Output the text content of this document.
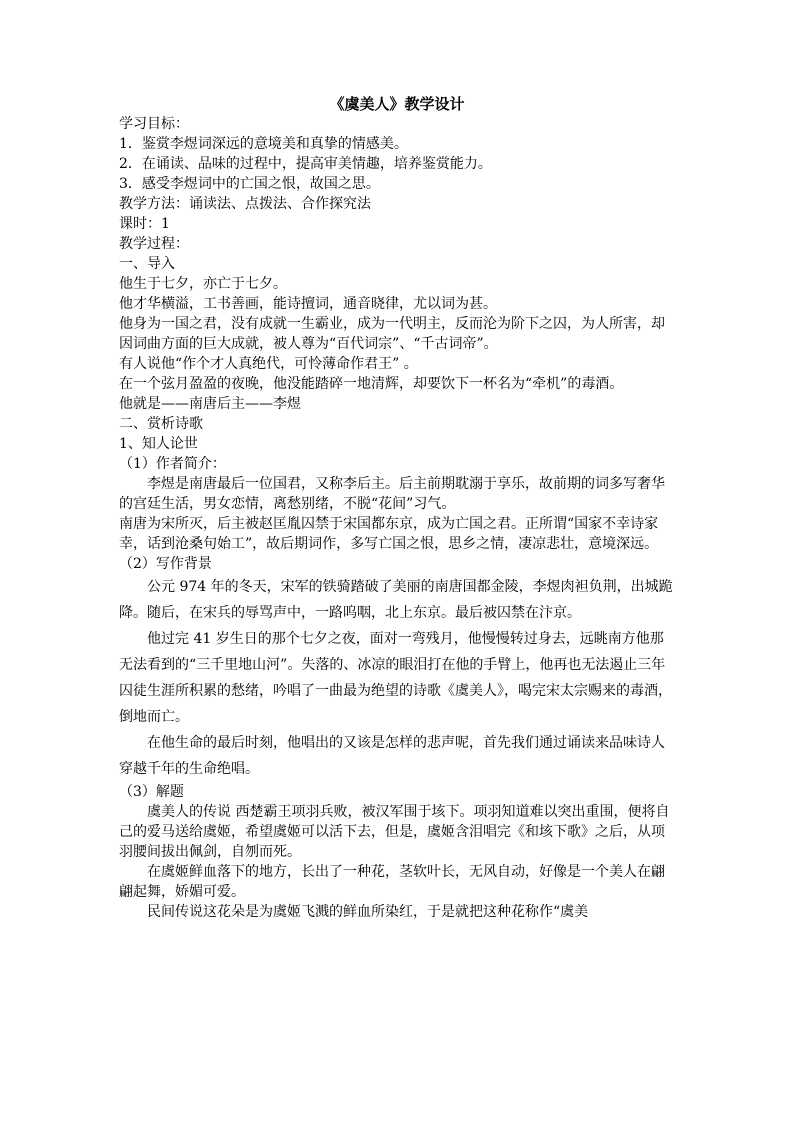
《虞美人》教学设计

学习目标：

1．鉴赏李煜词深远的意境美和真挚的情感美。

2．在诵读、品味的过程中，提高审美情趣，培养鉴赏能力。

3．感受李煜词中的亡国之恨，故国之思。

教学方法：诵读法、点拨法、合作探究法

课时：1

教学过程：

一、导入

他生于七夕，亦亡于七夕。

他才华横溢，工书善画，能诗擅词，通音晓律，尤以词为甚。

他身为一国之君，没有成就一生霸业，成为一代明主，反而沦为阶下之囚，为人所害，却因词曲方面的巨大成就，被人尊为“百代词宗”、“千古词帝”。

有人说他“作个才人真绝代，可怜薄命作君王” 。

在一个弦月盈盈的夜晚，他没能踏碎一地清辉，却要饮下一杯名为“牵机”的毒酒。

他就是——南唐后主——李煜

二、赏析诗歌

1、知人论世

（1）作者简介：

李煜是南唐最后一位国君，又称李后主。后主前期耽溺于享乐，故前期的词多写奢华的宫廷生活，男女恋情，离愁别绪，不脱“花间”习气。

南唐为宋所灭，后主被赵匡胤囚禁于宋国都东京，成为亡国之君。正所谓“国家不幸诗家幸，话到沧桑句始工”，故后期词作，多写亡国之恨，思乡之情，凄凉悲壮，意境深远。

（2）写作背景

公元 974 年的冬天，宋军的铁骑踏破了美丽的南唐国都金陵，李煜肉袒负荆，出城跪降。随后，在宋兵的辱骂声中，一路呜咽，北上东京。最后被囚禁在汴京。

他过完 41 岁生日的那个七夕之夜，面对一弯残月，他慢慢转过身去，远眺南方他那无法看到的“三千里地山河”。失落的、冰凉的眼泪打在他的手臂上，他再也无法遏止三年囚徒生涯所积累的愁绪，吟唱了一曲最为绝望的诗歌《虞美人》，喝完宋太宗赐来的毒酒，倒地而亡。

在他生命的最后时刻，他唱出的又该是怎样的悲声呢，首先我们通过诵读来品味诗人穿越千年的生命绝唱。

（3）解题

虞美人的传说 西楚霸王项羽兵败，被汉军围于垓下。项羽知道难以突出重围，便将自己的爱马送给虞姬，希望虞姬可以活下去，但是，虞姬含泪唱完《和垓下歌》之后，从项羽腰间拔出佩剑，自刎而死。

在虞姬鲜血落下的地方，长出了一种花，茎软叶长，无风自动，好像是一个美人在翩翩起舞，娇媚可爱。

民间传说这花朵是为虞姬飞溅的鲜血所染红，于是就把这种花称作“虞美
